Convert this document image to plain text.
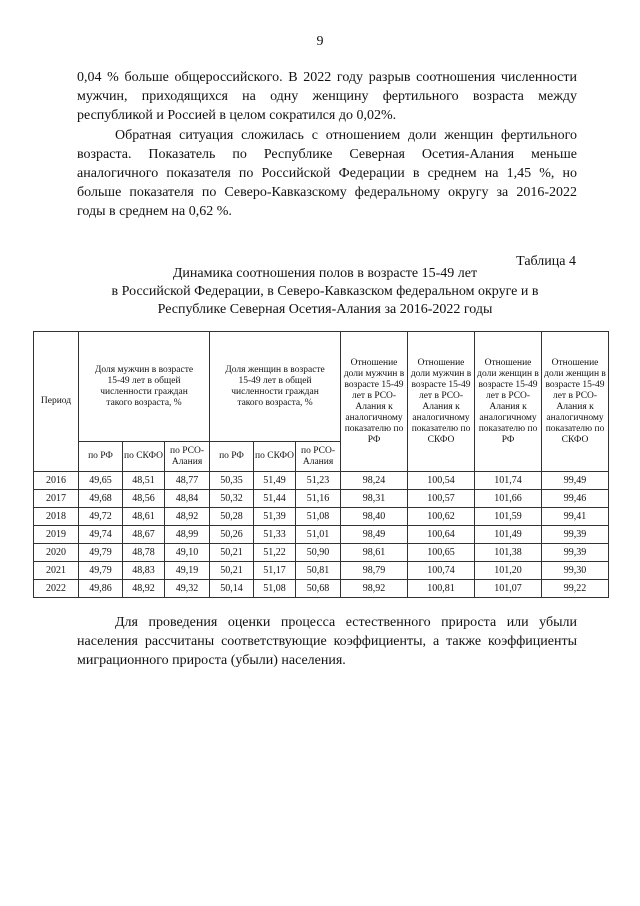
9

0,04 % больше общероссийского. В 2022 году разрыв соотношения численности мужчин, приходящихся на одну женщину фертильного возраста между республикой и Россией в целом сократился до 0,02%.

Обратная ситуация сложилась с отношением доли женщин фертильного возраста. Показатель по Республике Северная Осетия-Алания меньше аналогичного показателя по Российской Федерации в среднем на 1,45 %, но больше показателя по Северо-Кавказскому федеральному округу за 2016-2022 годы в среднем на 0,62 %.

Таблица 4
Динамика соотношения полов в возрасте 15-49 лет
в Российской Федерации, в Северо-Кавказском федеральном округе и в
Республике Северная Осетия-Алания за 2016-2022 годы
Период	Доля мужчин в возрасте 15-49 лет в общей численности граждан такого возраста, %			Доля женщин в возрасте 15-49 лет в общей численности граждан такого возраста, %			Отношение доли мужчин в возрасте 15-49 лет в РСО-Алания к аналогичному показателю по РФ	Отношение доли мужчин в возрасте 15-49 лет в РСО-Алания к аналогичному показателю по СКФО	Отношение доли женщин в возрасте 15-49 лет в РСО-Алания к аналогичному показателю по РФ	Отношение доли женщин в возрасте 15-49 лет в РСО-Алания к аналогичному показателю по СКФО
	по РФ	по СКФО	по РСО-Алания	по РФ	по СКФО	по РСО-Алания				
2016	49,65	48,51	48,77	50,35	51,49	51,23	98,24	100,54	101,74	99,49
2017	49,68	48,56	48,84	50,32	51,44	51,16	98,31	100,57	101,66	99,46
2018	49,72	48,61	48,92	50,28	51,39	51,08	98,40	100,62	101,59	99,41
2019	49,74	48,67	48,99	50,26	51,33	51,01	98,49	100,64	101,49	99,39
2020	49,79	48,78	49,10	50,21	51,22	50,90	98,61	100,65	101,38	99,39
2021	49,79	48,83	49,19	50,21	51,17	50,81	98,79	100,74	101,20	99,30
2022	49,86	48,92	49,32	50,14	51,08	50,68	98,92	100,81	101,07	99,22

Для проведения оценки процесса естественного прироста или убыли населения рассчитаны соответствующие коэффициенты, а также коэффициенты миграционного прироста (убыли) населения.
